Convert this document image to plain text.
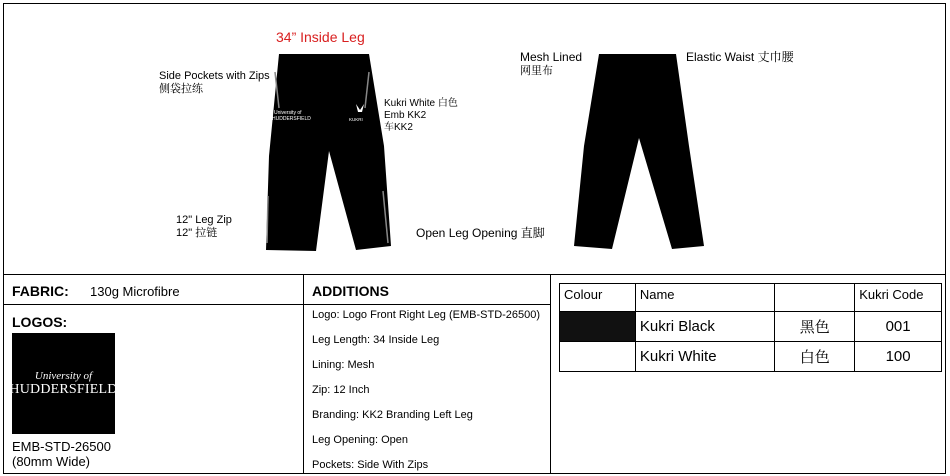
34” Inside Leg
Side Pockets with Zips
侧袋拉练
Kukri White 白色
Emb KK2
车KK2
12" Leg Zip
12" 拉链
Mesh Lined
网里布
Elastic Waist 丈巾腰
Open Leg Opening 直脚
University of
HUDDERSFIELD	KUKRI
FABRIC: 130g Microfibre
LOGOS:
University of
HUDDERSFIELD
EMB-STD-26500
(80mm Wide)
ADDITIONS
Logo: Logo Front Right Leg (EMB-STD-26500)
Leg Length: 34 Inside Leg
Lining: Mesh
Zip: 12 Inch
Branding: KK2 Branding Left Leg
Leg Opening: Open
Pockets: Side With Zips
Colour	Name		Kukri Code
	Kukri Black	黑色	001
	Kukri White	白色	100
